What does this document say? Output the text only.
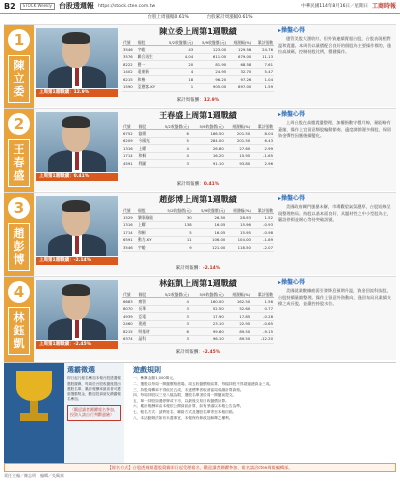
B2	STOCK Weekly	台股透週報 https://stock.ctee.com.tw	中華民國114年8月16日／星期日 工商時報
台股上周漲幅0.61%	台股累計周漲幅0.61%
1
陳立委	上周第1週戰績：12.9%
陳立委上周第1週戰績
代號	個股	5/2收盤價(元)	5/9收盤價(元)	週漲幅(%)	累計張數
3546	宇峻	43	123.00	129.56	24.76
3576	聯合再生	4.04	611.00	679.00	11.13
8222	寶一	20	81.90	68.58	7.61
1402	遠東新	4	24.95	32.70	5.47
6215	和椿	18	96.20	97.26	1.04
1590	亞德客-KY	1	905.00	897.00	1.59
累計周報酬：12.9%
▸操盤心得
儘管美股大漲收紅，但外資連續賣超台股，台股表現相對溫和震盪。本周仍以量價配合良好的個股為主要操作標的，逢拉高減碼，控制持股比例，穩健操作。
2
王春盛	上周第1週戰績：0.41%
王春盛上周第1週戰績
代號	個股	5/2收盤價(元)	5/9收盤價(元)	週漲幅(%)	累計張數
6752	叡揚	6	186.50	201.50	8.04
6209	今國光	5	284.00	201.50	6.43
1316	上曜	4	26.80	27.60	2.99
1714	和桐	4	16.20	15.95	-1.65
4591	利圖	3	91.10	93.80	2.96
累計周報酬：0.41%
▸操盤心得
上周台股在高檔震盪整理，加權指數守穩月線，量能略有萎縮，操作上宜留意類股輪動節奏，適度調節漲多個股，保留資金彈性因應後續變化。
3
趙彭博	上周第1週戰績：-2.14%
趙彭博上周第1週戰績
代號	個股	5/2收盤價(元)	5/9收盤價(元)	週漲幅(%)	累計張數
1529	樂事綠能	30	26.50	28.93	1.52
1316	上曜	138	16.05	15.96	-0.93
1714	和桐	5	16.05	15.95	-0.98
6591	動力-KY	11	106.00	104.00	-1.89
3546	宇峻	9	121.00	118.50	-2.07
累計周報酬：-2.14%
▸操盤心得
美國政府關門風暴未解，市場觀望氣氛濃厚，台股短線呈現整理格局。持股以基本面良好、具題材性之中小型股為主，嚴設停損並耐心等待突破訊號。
4
林鈺凱	上周第1週戰績：-2.45%
林鈺凱上周第1週戰績
代號	個股	5/2收盤價(元)	5/9收盤價(元)	週漲幅(%)	累計張數
6683	雍智	4	160.00	162.50	1.56
8070	長華	3	52.50	52.60	0.77
4939	亞電	3	17.90	17.85	-0.28
2460	建通	3	23.10	22.95	-0.65
8215	明基材	6	99.60	89.50	-9.15
6374	晶科	3	96.10	89.50	-12.20
累計周報酬：-2.45%
▸操盤心得
美國就業數據疲弱引發降息預期升溫，資金回流科技股，台股持續量縮整理。操作上留意外資動向，逢回布局具業績支撐之成長股，並嚴控持股水位。
選霸徵選
即日起凡報名參加本報台股透週報選股競賽，每周於台股收盤後提出選股名單，累計報酬率最高者可獲頒選霸獎金，歡迎投資朋友踴躍報名參加。
（觀迎讀者踴躍報名參加，投資人請自行判斷風險）
遊戲規則
一、參賽金額1,000萬元。
二、選股以每周一開盤價格進場，周五收盤價格結算，每檔持股不得超過總資金三成。
三、持股周轉率不得低於五成，未達標準者取消當周成績計算資格。
四、每周持股以三至八檔為限，選股名單須於周一開盤前提交。
五、單一持股如遇停牌或下市，以最後交易日收盤價計算。
六、累計報酬率由本報依公開資訊計算，如有爭議以本報公告為準。
七、報名方式：請將姓名、聯絡方式及選股名單寄至本報信箱。
八、本活動辦法如有未盡事宜，本報保有修改及解釋之權利。
【報名方式】台股透週報選股競賽即日起受理報名，歡迎讀者踴躍參加，報名請洽ctee周報編輯部。
責任主編／陳志明　編輯／吳佩真
